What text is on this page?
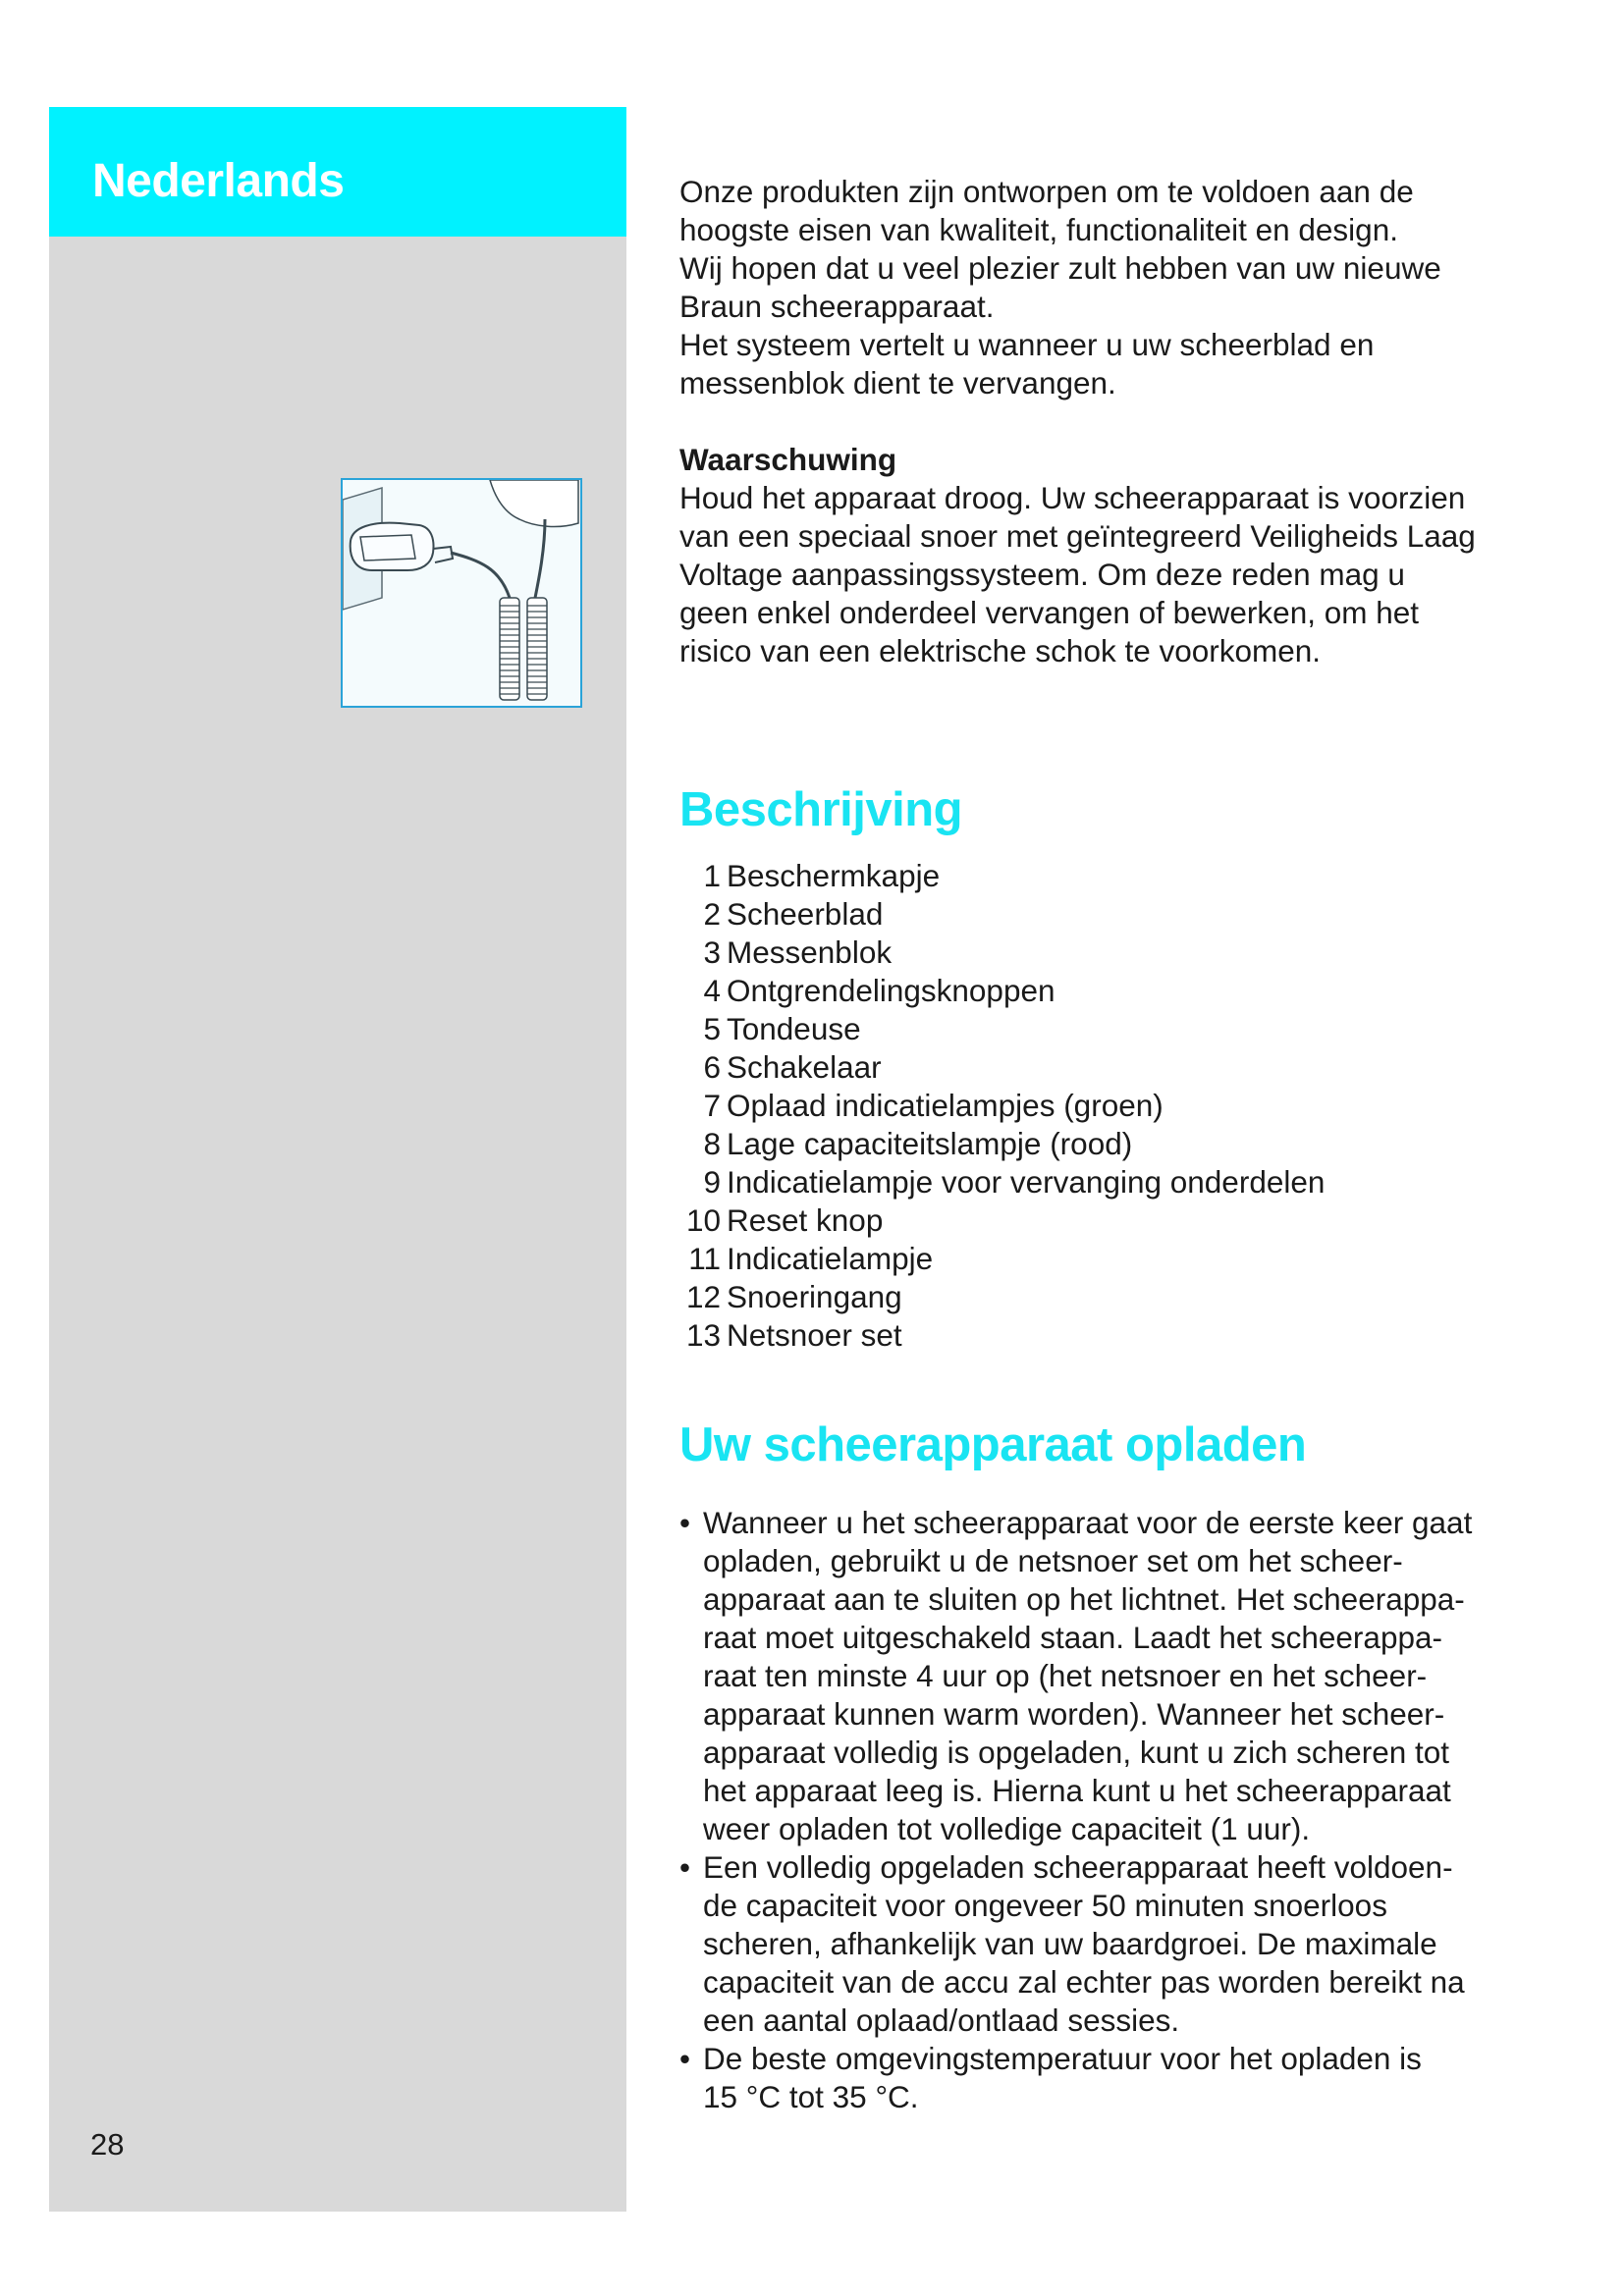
Nederlands
28

Onze produkten zijn ontworpen om te voldoen aan de

hoogste eisen van kwaliteit, functionaliteit en design.

Wij hopen dat u veel plezier zult hebben van uw nieuwe

Braun scheerapparaat.

Het systeem vertelt u wanneer u uw scheerblad en

messenblok dient te vervangen.

Waarschuwing

Houd het apparaat droog. Uw scheerapparaat is voorzien

van een speciaal snoer met geïntegreerd Veiligheids Laag

Voltage aanpassingssysteem. Om deze reden mag u

geen enkel onderdeel vervangen of bewerken, om het

risico van een elektrische schok te voorkomen.

Beschrijving
1 Beschermkapje
2 Scheerblad
3 Messenblok
4 Ontgrendelingsknoppen
5 Tondeuse
6 Schakelaar
7 Oplaad indicatielampjes (groen)
8 Lage capaciteitslampje (rood)
9 Indicatielampje voor vervanging onderdelen
10 Reset knop
11 Indicatielampje
12 Snoeringang
13 Netsnoer set
Uw scheerapparaat opladen
• Wanneer u het scheerapparaat voor de eerste keer gaat

opladen, gebruikt u de netsnoer set om het scheer-

apparaat aan te sluiten op het lichtnet. Het scheerappa-

raat moet uitgeschakeld staan. Laadt het scheerappa-

raat ten minste 4 uur op (het netsnoer en het scheer-

apparaat kunnen warm worden). Wanneer het scheer-

apparaat volledig is opgeladen, kunt u zich scheren tot

het apparaat leeg is. Hierna kunt u het scheerapparaat

weer opladen tot volledige capaciteit (1 uur).

• Een volledig opgeladen scheerapparaat heeft voldoen-

de capaciteit voor ongeveer 50 minuten snoerloos

scheren, afhankelijk van uw baardgroei. De maximale

capaciteit van de accu zal echter pas worden bereikt na

een aantal oplaad/ontlaad sessies.

• De beste omgevingstemperatuur voor het opladen is

15 °C tot 35 °C.
